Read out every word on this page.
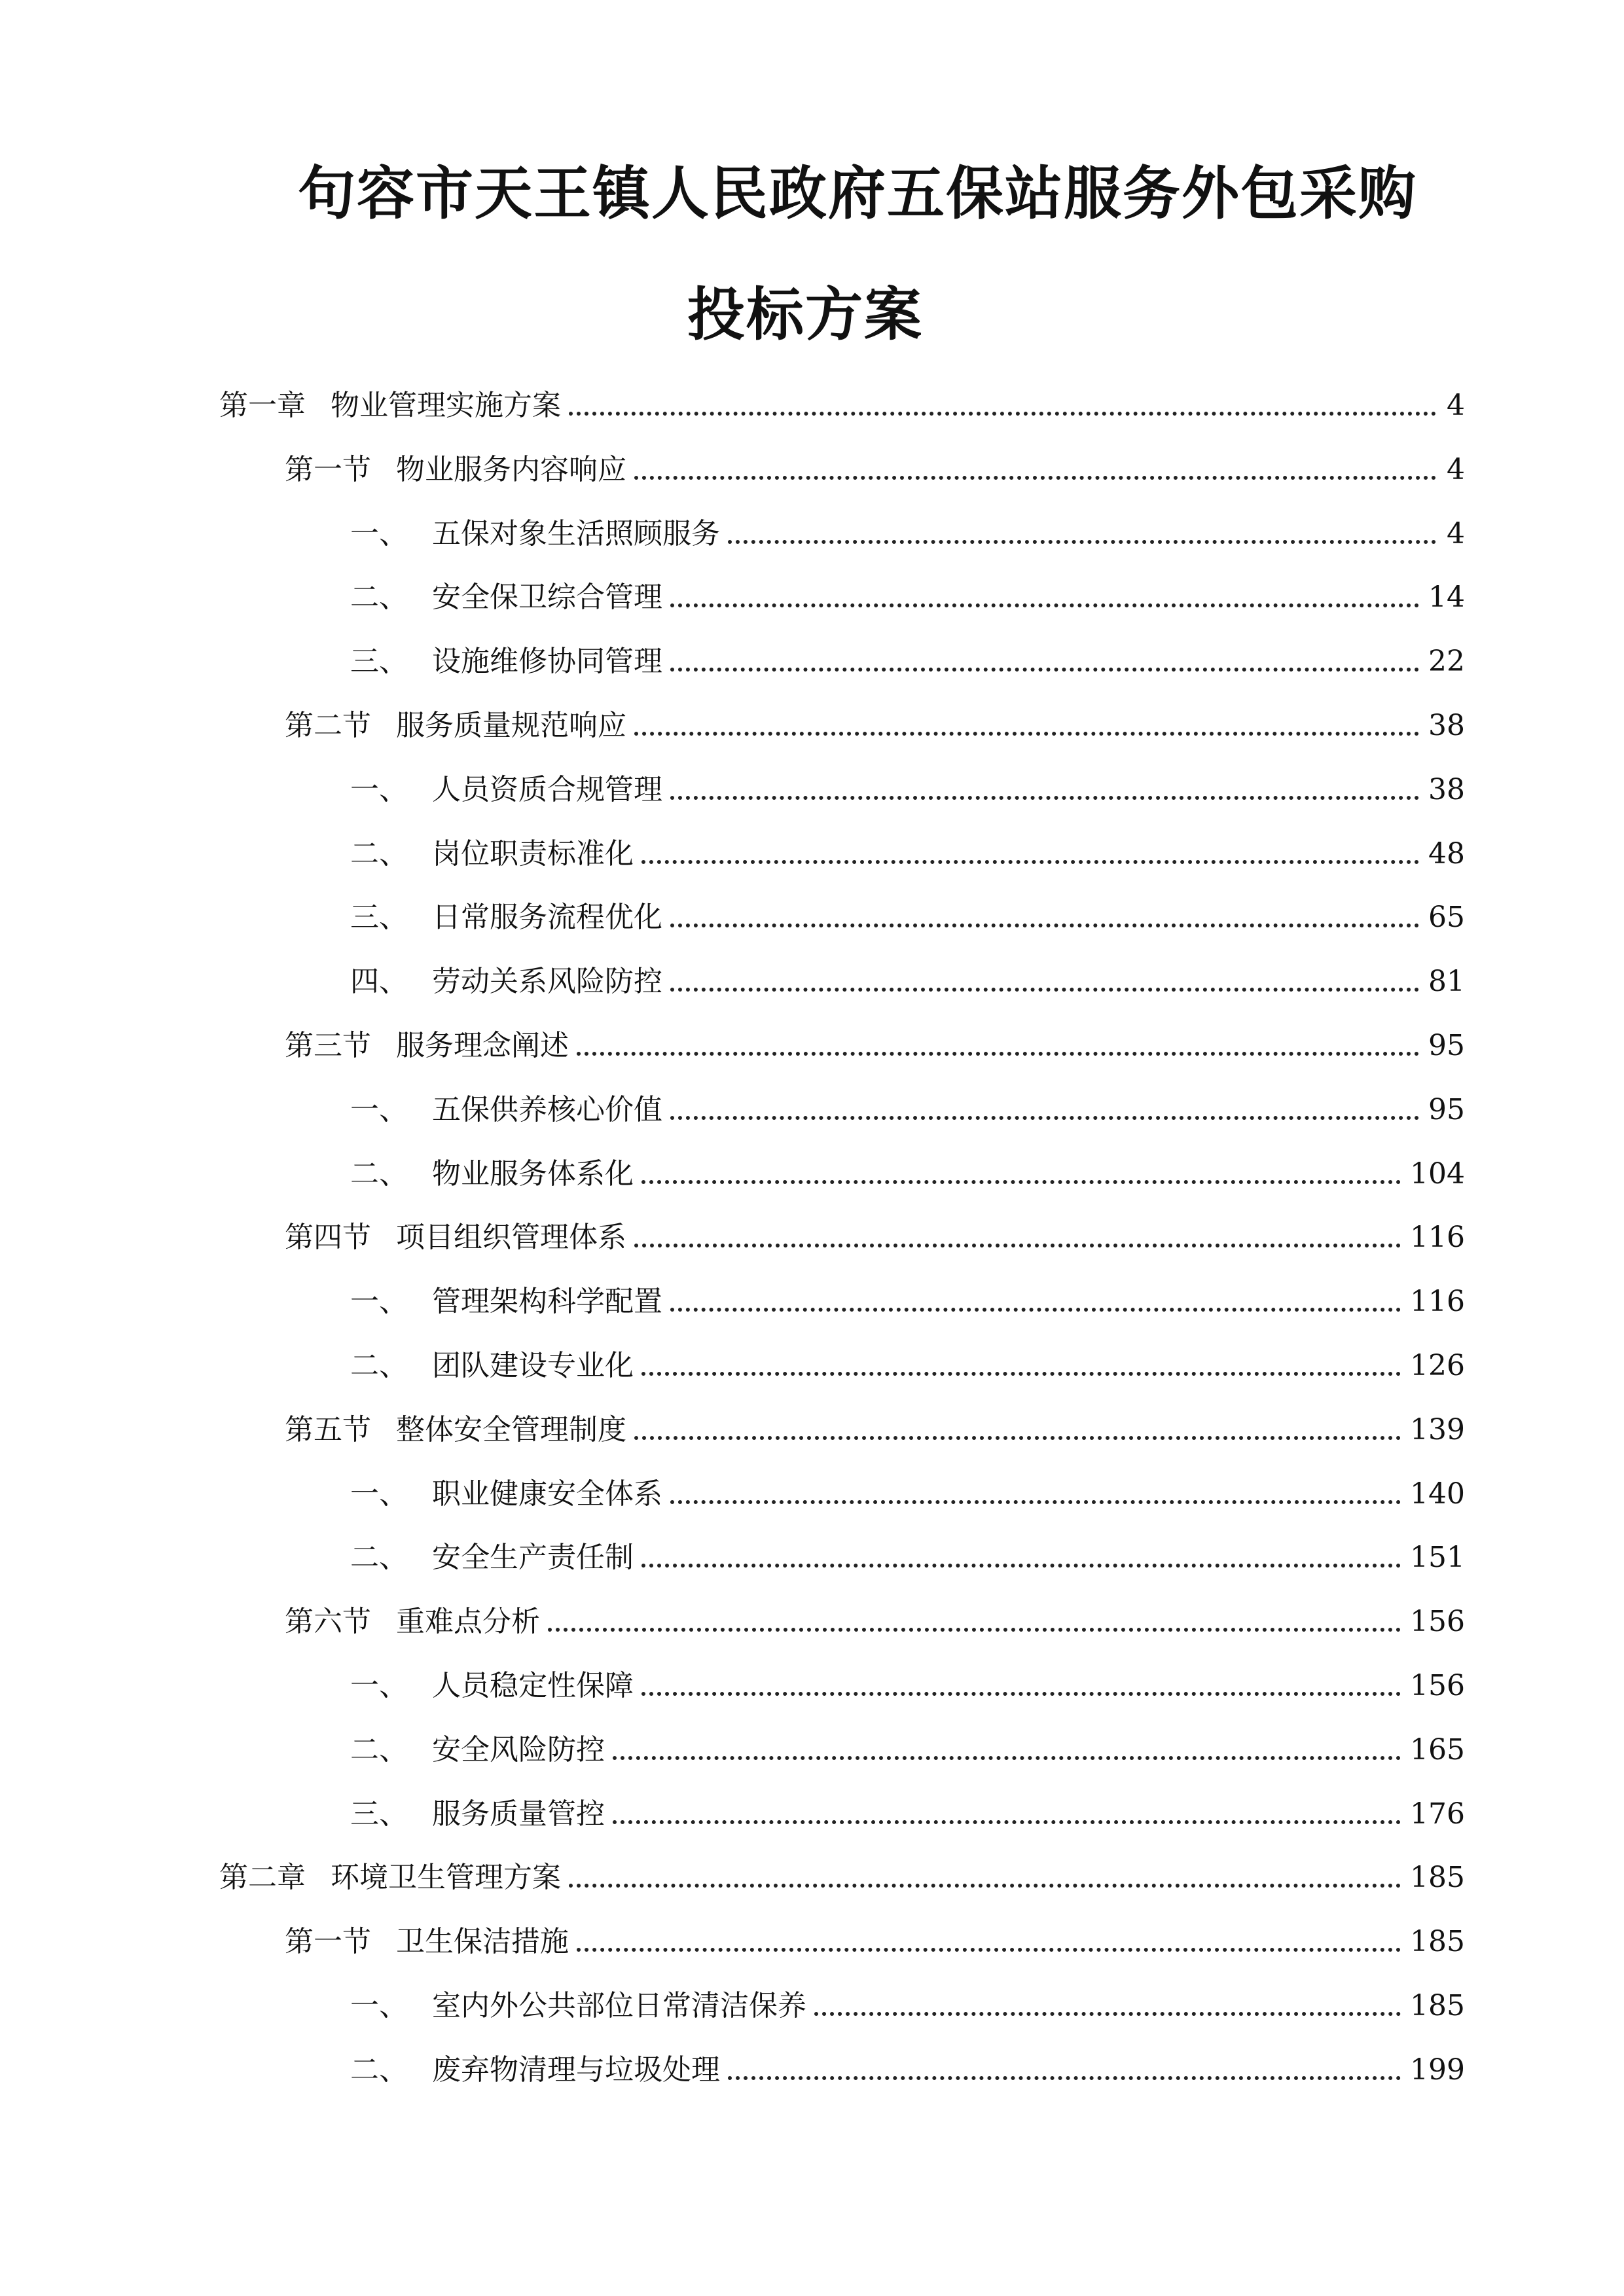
句容市天王镇人民政府五保站服务外包采购
投标方案
第一章 物业管理实施方案	4
第一节 物业服务内容响应	4
一、 五保对象生活照顾服务	4
二、 安全保卫综合管理	14
三、 设施维修协同管理	22
第二节 服务质量规范响应	38
一、 人员资质合规管理	38
二、 岗位职责标准化	48
三、 日常服务流程优化	65
四、 劳动关系风险防控	81
第三节 服务理念阐述	95
一、 五保供养核心价值	95
二、 物业服务体系化	104
第四节 项目组织管理体系	116
一、 管理架构科学配置	116
二、 团队建设专业化	126
第五节 整体安全管理制度	139
一、 职业健康安全体系	140
二、 安全生产责任制	151
第六节 重难点分析	156
一、 人员稳定性保障	156
二、 安全风险防控	165
三、 服务质量管控	176
第二章 环境卫生管理方案	185
第一节 卫生保洁措施	185
一、 室内外公共部位日常清洁保养	185
二、 废弃物清理与垃圾处理	199
